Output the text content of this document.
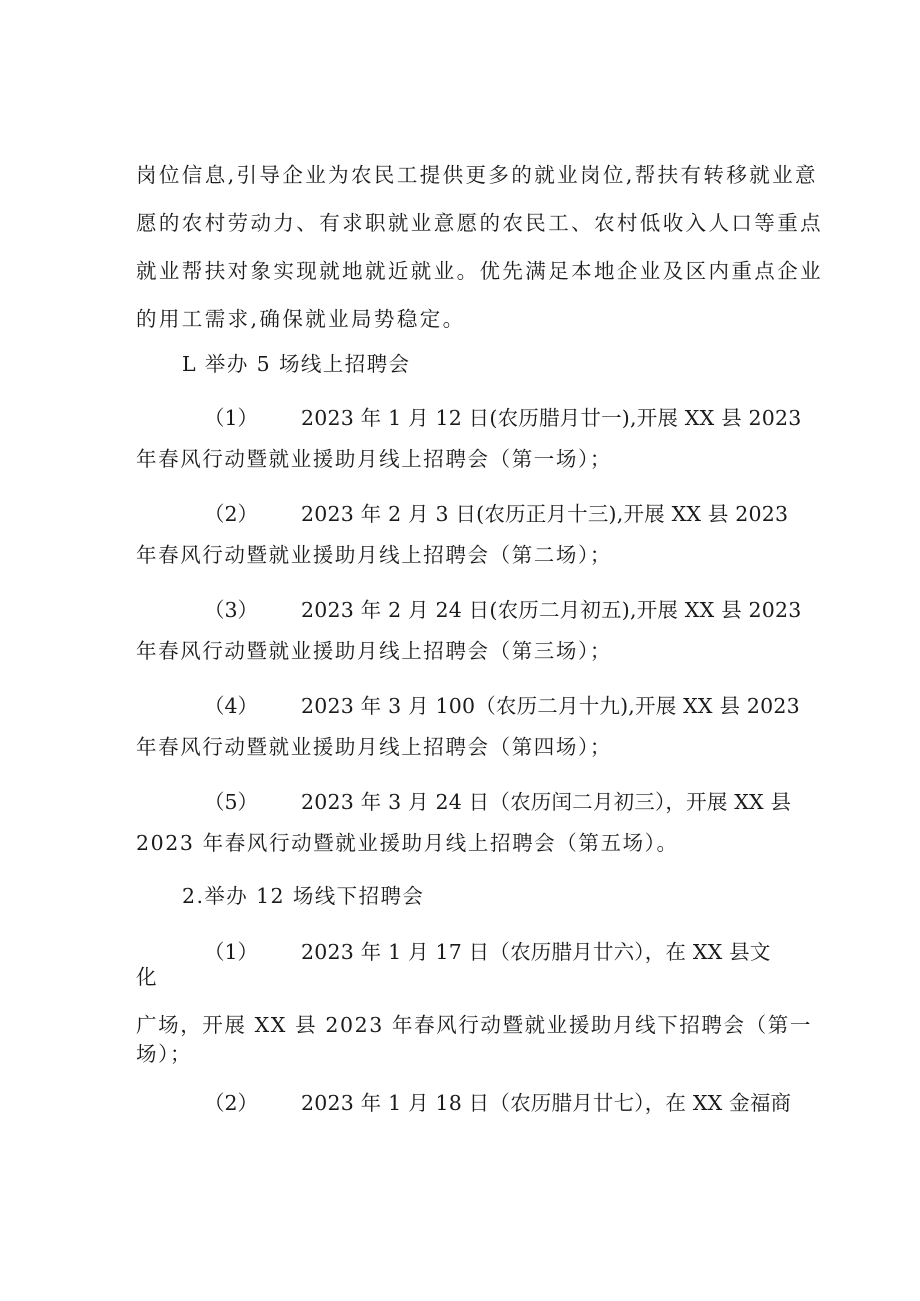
岗位信息,引导企业为农民工提供更多的就业岗位,帮扶有转移就业意
愿的农村劳动力、有求职就业意愿的农民工、农村低收入人口等重点
就业帮扶对象实现就地就近就业。优先满足本地企业及区内重点企业
的用工需求,确保就业局势稳定。
L 举办 5 场线上招聘会
（1） 2023 年 1 月 12 日(农历腊月廿一),开展 XX 县 2023
年春风行动暨就业援助月线上招聘会（第一场）；
（2） 2023 年 2 月 3 日(农历正月十三),开展 XX 县 2023
年春风行动暨就业援助月线上招聘会（第二场）；
（3） 2023 年 2 月 24 日(农历二月初五),开展 XX 县 2023
年春风行动暨就业援助月线上招聘会（第三场）；
（4） 2023 年 3 月 100（农历二月十九),开展 XX 县 2023
年春风行动暨就业援助月线上招聘会（第四场）；
（5） 2023 年 3 月 24 日（农历闰二月初三），开展 XX 县
2023 年春风行动暨就业援助月线上招聘会（第五场）。
2.举办 12 场线下招聘会
（1） 2023 年 1 月 17 日（农历腊月廿六），在 XX 县文
化
广场，开展 XX 县 2023 年春风行动暨就业援助月线下招聘会（第一
场）；
（2） 2023 年 1 月 18 日（农历腊月廿七），在 XX 金福商
